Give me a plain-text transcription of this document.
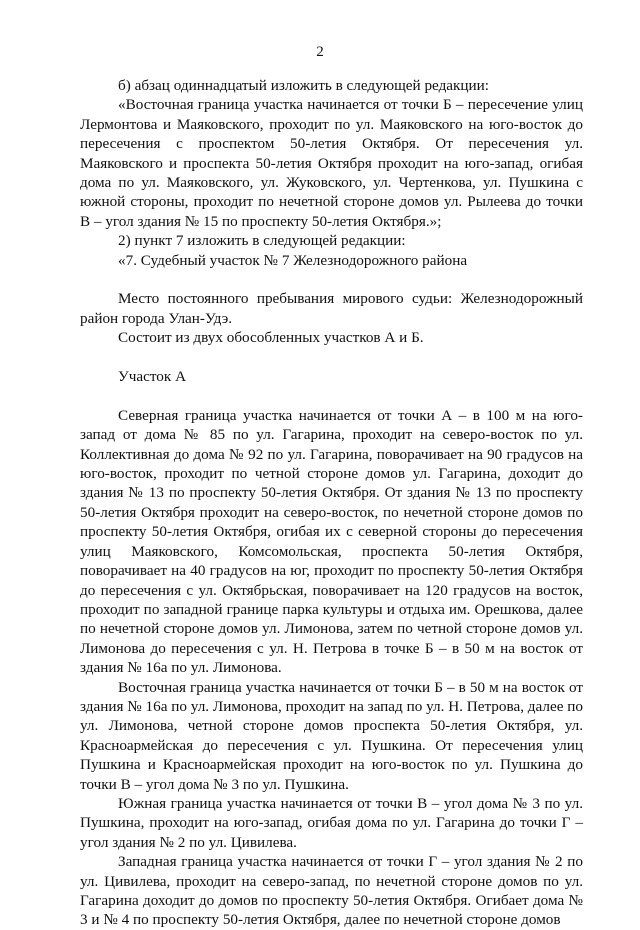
2

б) абзац одиннадцатый изложить в следующей редакции:

«Восточная граница участка начинается от точки Б – пересечение улиц Лермонтова и Маяковского, проходит по ул. Маяковского на юго-восток до пересечения с проспектом 50-летия Октября. От пересечения ул. Маяковского и проспекта 50-летия Октября проходит на юго-запад, огибая дома по ул. Маяковского, ул. Жуковского, ул. Чертенкова, ул. Пушкина с южной стороны, проходит по нечетной стороне домов ул. Рылеева до точки В – угол здания № 15 по проспекту 50-летия Октября.»;

2) пункт 7 изложить в следующей редакции:

«7. Судебный участок № 7 Железнодорожного района

Место постоянного пребывания мирового судьи: Железнодорожный район города Улан-Удэ.

Состоит из двух обособленных участков А и Б.

Участок А

Северная граница участка начинается от точки А – в 100 м на юго-запад от дома № 85 по ул. Гагарина, проходит на северо-восток по ул. Коллективная до дома № 92 по ул. Гагарина, поворачивает на 90 градусов на юго-восток, проходит по четной стороне домов ул. Гагарина, доходит до здания № 13 по проспекту 50-летия Октября. От здания № 13 по проспекту 50-летия Октября проходит на северо-восток, по нечетной стороне домов по проспекту 50-летия Октября, огибая их с северной стороны до пересечения улиц Маяковского, Комсомольская, проспекта 50-летия Октября, поворачивает на 40 градусов на юг, проходит по проспекту 50-летия Октября до пересечения с ул. Октябрьская, поворачивает на 120 градусов на восток, проходит по западной границе парка культуры и отдыха им. Орешкова, далее по нечетной стороне домов ул. Лимонова, затем по четной стороне домов ул. Лимонова до пересечения с ул. Н. Петрова в точке Б – в 50 м на восток от здания № 16а по ул. Лимонова.

Восточная граница участка начинается от точки Б – в 50 м на восток от здания № 16а по ул. Лимонова, проходит на запад по ул. Н. Петрова, далее по ул. Лимонова, четной стороне домов проспекта 50-летия Октября, ул. Красноармейская до пересечения с ул. Пушкина. От пересечения улиц Пушкина и Красноармейская проходит на юго-восток по ул. Пушкина до точки В – угол дома № 3 по ул. Пушкина.

Южная граница участка начинается от точки В – угол дома № 3 по ул. Пушкина, проходит на юго-запад, огибая дома по ул. Гагарина до точки Г – угол здания № 2 по ул. Цивилева.

Западная граница участка начинается от точки Г – угол здания № 2 по ул. Цивилева, проходит на северо-запад, по нечетной стороне домов по ул. Гагарина доходит до домов по проспекту 50-летия Октября. Огибает дома № 3 и № 4 по проспекту 50-летия Октября, далее по нечетной стороне домов
